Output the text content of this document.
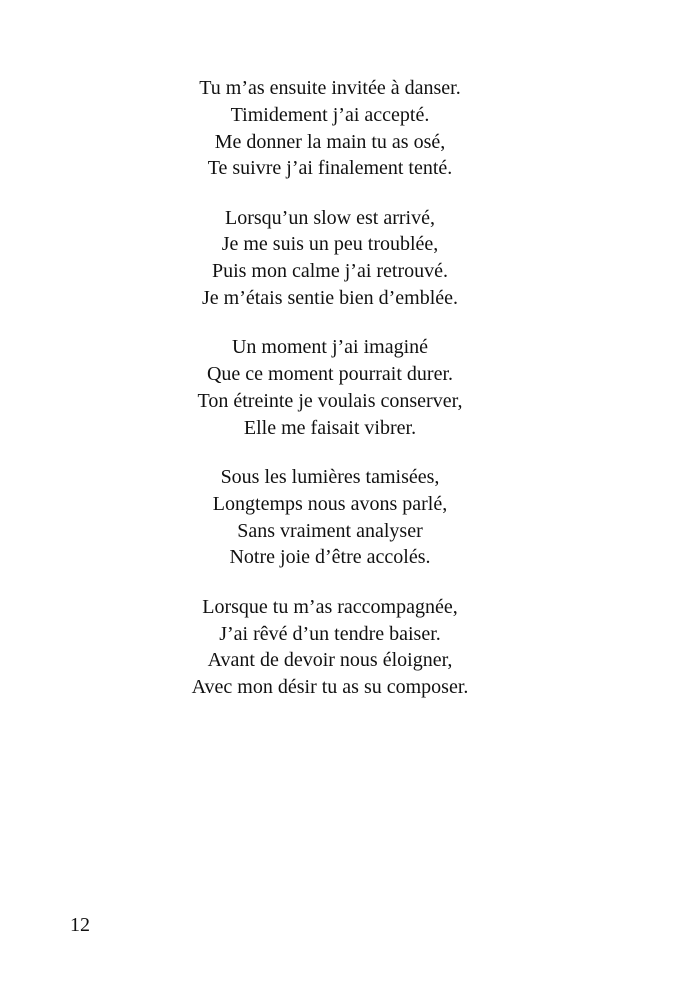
Tu m’as ensuite invitée à danser.
Timidement j’ai accepté.
Me donner la main tu as osé,
Te suivre j’ai finalement tenté.
Lorsqu’un slow est arrivé,
Je me suis un peu troublée,
Puis mon calme j’ai retrouvé.
Je m’étais sentie bien d’emblée.
Un moment j’ai imaginé
Que ce moment pourrait durer.
Ton étreinte je voulais conserver,
Elle me faisait vibrer.
Sous les lumières tamisées,
Longtemps nous avons parlé,
Sans vraiment analyser
Notre joie d’être accolés.
Lorsque tu m’as raccompagnée,
J’ai rêvé d’un tendre baiser.
Avant de devoir nous éloigner,
Avec mon désir tu as su composer.
12
